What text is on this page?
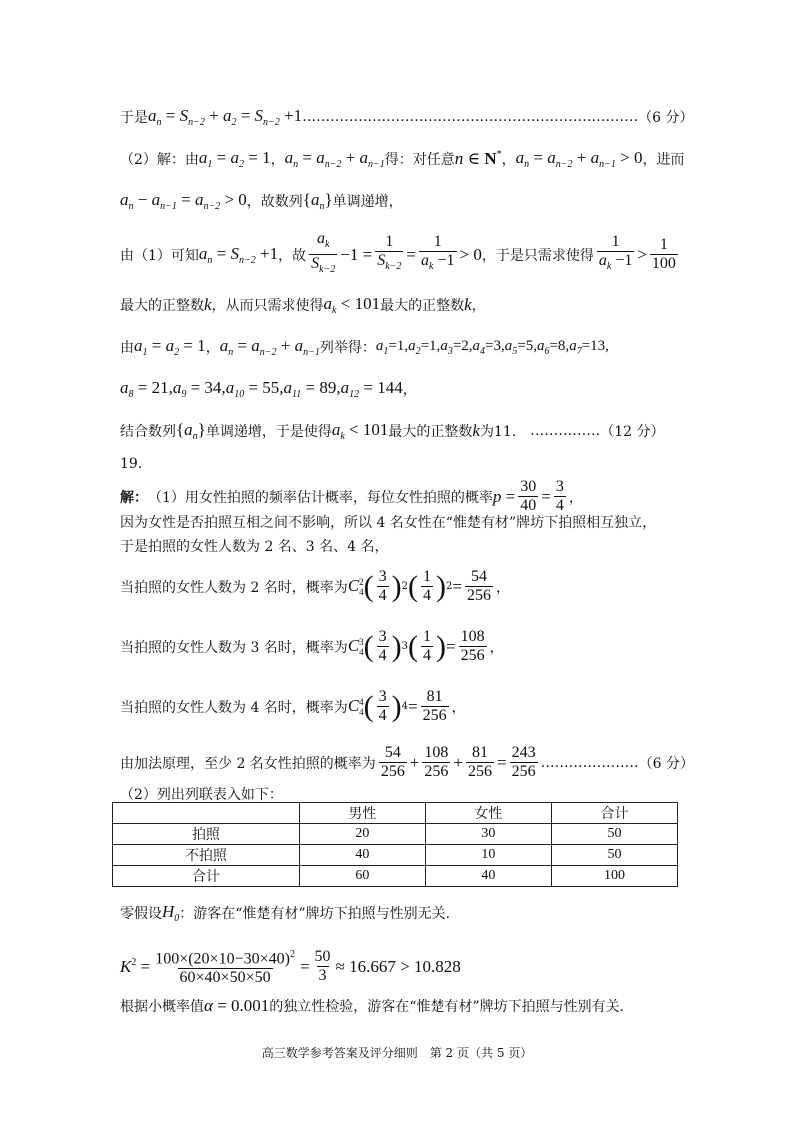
于是 $a_n = S_{n-2} + a_2 = S_{n-2} +1$ ……………………………………………………………… （6 分）
（2）解：由 $a_1 = a_2 = 1$ ， $a_n = a_{n-2} + a_{n-1}$ 得：对任意 n ∈ N* ， $a_n = a_{n-2} + a_{n-1} > 0$ ，进而
$a_n - a_{n-1} = a_{n-2} > 0$ ，故数列 $\{a_n\}$ 单调递增，
由（1）可知 $a_n = S_{n-2} +1$ ，故 $\frac{a_k}{S_{k-2}} -1 = \frac{1}{S_{k-2}} = \frac{1}{a_k -1} > 0$ ，于是只需求使得 $\frac{1}{a_k -1} > \frac{1}{100}$
最大的正整数 k ，从而只需求使得 $a_k < 101$ 最大的正整数 k ，
由 $a_1 = a_2 = 1$ ， $a_n = a_{n-2} + a_{n-1}$ 列举得： $a_1=1,a_2=1,a_3=2,a_4=3,a_5=5,a_6=8,a_7=13$,
$a_8 = 21,a_9 = 34,a_{10} = 55,a_{11} = 89,a_{12} = 144$ ，
结合数列 $\{a_n\}$ 单调递增，于是使得 $a_k < 101$ 最大的正整数 k 为11. …………… （12 分）
19.
解： （1）用女性拍照的频率估计概率，每位女性拍照的概率 $p = \frac{30}{40} = \frac{3}{4}$ ，
因为女性是否拍照互相之间不影响，所以 4 名女性在“惟楚有材”牌坊下拍照相互独立，
于是拍照的女性人数为 2 名、3 名、4 名，
当拍照的女性人数为 2 名时，概率为 C 2
4 ( $\frac{3}{4}$ ) 2 ( $\frac{1}{4}$ ) $2 = \frac{54}{256}$ ，
当拍照的女性人数为 3 名时，概率为 C 3
4 ( $\frac{3}{4}$ ) 3 ( $\frac{1}{4}$ ) = $\frac{108}{256}$ ，
当拍照的女性人数为 4 名时，概率为 C 4
4 ( $\frac{3}{4}$ ) $4 = \frac{81}{256}$ ，
由加法原理，至少 2 名女性拍照的概率为 $\frac{54}{256} + \frac{108}{256} + \frac{81}{256} = \frac{243}{256}$ ………………… （6 分）
（2）列出列联表入如下：
	男性	女性	合计
拍照	20	30	50
不拍照	40	10	50
合计	60	40	100
零假设 $H_0$ ：游客在“惟楚有材”牌坊下拍照与性别无关.
$K^2 = \frac{100\times(20\times 10-30\times 40)^2}{60\times 40\times 50\times 50} = \frac{50}{3} \approx 16.667 > 10.828$
根据小概率值 α = 0.001 的独立性检验，游客在“惟楚有材”牌坊下拍照与性别有关.
高三数学参考答案及评分细则　第 2 页（共 5 页）
